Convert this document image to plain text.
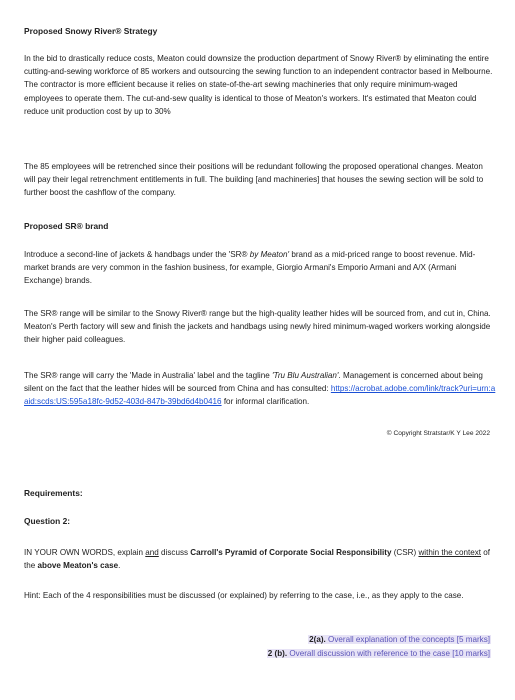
Proposed Snowy River® Strategy

In the bid to drastically reduce costs, Meaton could downsize the production department of Snowy River® by eliminating the entire cutting-and-sewing workforce of 85 workers and outsourcing the sewing function to an independent contractor based in Melbourne. The contractor is more efficient because it relies on state-of-the-art sewing machineries that only require minimum-waged employees to operate them. The cut-and-sew quality is identical to those of Meaton's workers. It's estimated that Meaton could reduce unit production cost by up to 30%

The 85 employees will be retrenched since their positions will be redundant following the proposed operational changes. Meaton will pay their legal retrenchment entitlements in full. The building [and machineries] that houses the sewing section will be sold to further boost the cashflow of the company.

Proposed SR® brand

Introduce a second-line of jackets & handbags under the 'SR® by Meaton' brand as a mid-priced range to boost revenue. Mid-market brands are very common in the fashion business, for example, Giorgio Armani's Emporio Armani and A/X (Armani Exchange) brands.

The SR® range will be similar to the Snowy River® range but the high-quality leather hides will be sourced from, and cut in, China. Meaton's Perth factory will sew and finish the jackets and handbags using newly hired minimum-waged workers working alongside their higher paid colleagues.

The SR® range will carry the 'Made in Australia' label and the tagline 'Tru Blu Australian'. Management is concerned about being silent on the fact that the leather hides will be sourced from China and has consulted: https://acrobat.adobe.com/link/track?uri=urn:aaid:scds:US:595a18fc-9d52-403d-847b-39bd6d4b0416 for informal clarification.

© Copyright Stratstar/K Y Lee 2022
Requirements:
Question 2:

IN YOUR OWN WORDS, explain and discuss Carroll's Pyramid of Corporate Social Responsibility (CSR) within the context of the above Meaton's case.

Hint: Each of the 4 responsibilities must be discussed (or explained) by referring to the case, i.e., as they apply to the case.

2(a). Overall explanation of the concepts [5 marks]
2 (b). Overall discussion with reference to the case [10 marks]
